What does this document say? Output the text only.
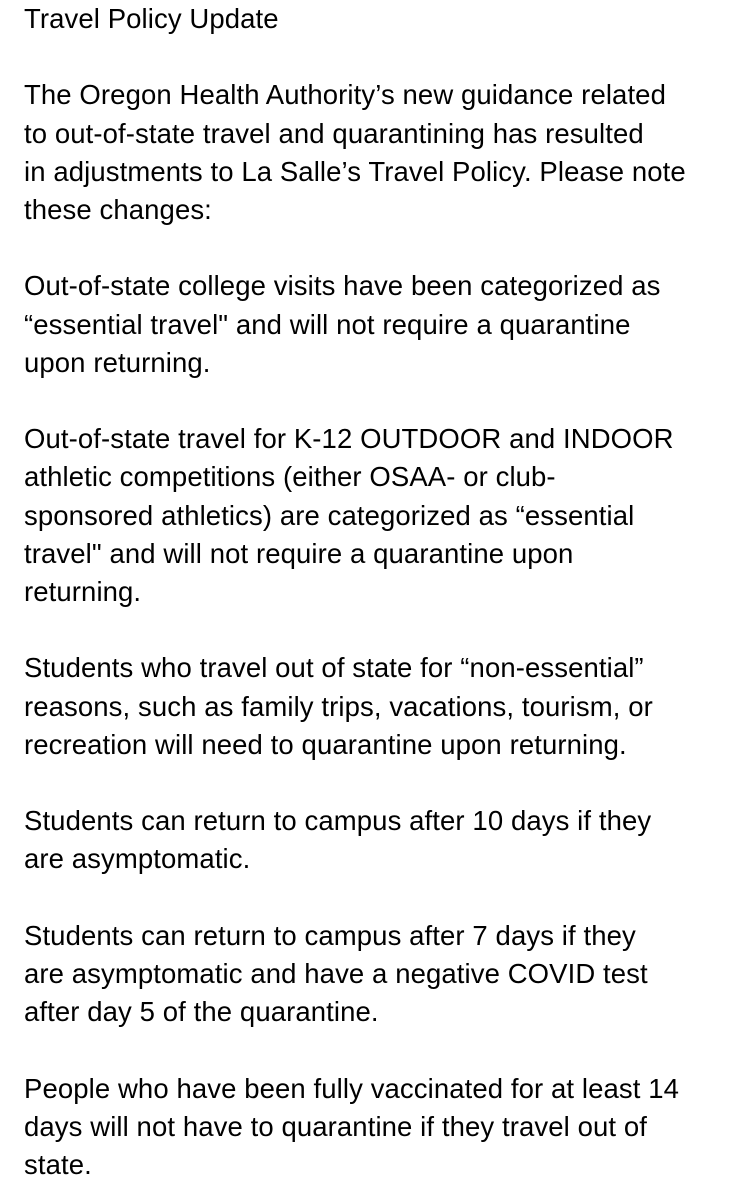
Travel Policy Update

The Oregon Health Authority’s new guidance related
to out-of-state travel and quarantining has resulted
in adjustments to La Salle’s Travel Policy. Please note
these changes:

Out-of-state college visits have been categorized as
“essential travel" and will not require a quarantine
upon returning.

Out-of-state travel for K-12 OUTDOOR and INDOOR
athletic competitions (either OSAA- or club-
sponsored athletics) are categorized as “essential
travel" and will not require a quarantine upon
returning.

Students who travel out of state for “non-essential”
reasons, such as family trips, vacations, tourism, or
recreation will need to quarantine upon returning.

Students can return to campus after 10 days if they
are asymptomatic.

Students can return to campus after 7 days if they
are asymptomatic and have a negative COVID test
after day 5 of the quarantine.

People who have been fully vaccinated for at least 14
days will not have to quarantine if they travel out of
state.
